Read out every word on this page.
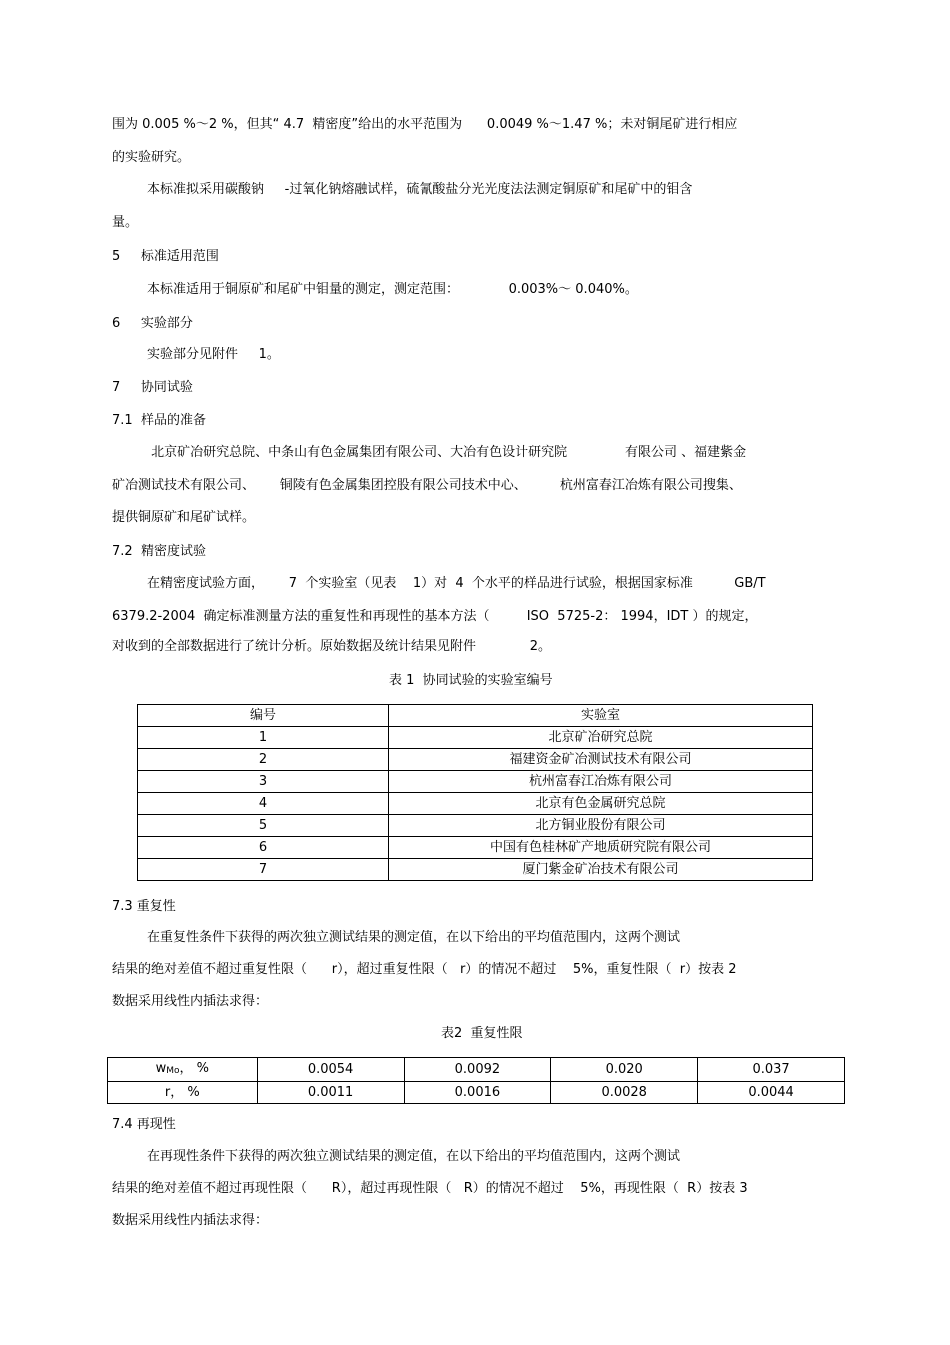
围为 0.005 %～2 %，但其“ 4.7  精密度”给出的水平范围为      0.0049 %～1.47 %；未对铜尾矿进行相应
的实验研究。
本标准拟采用碳酸钠     -过氧化钠熔融试样，硫氰酸盐分光光度法法测定铜原矿和尾矿中的钼含
量。
5     标准适用范围
本标准适用于铜原矿和尾矿中钼量的测定，测定范围：            0.003%～ 0.040%。
6     实验部分
实验部分见附件     1。
7     协同试验
7.1  样品的准备
北京矿冶研究总院、中条山有色金属集团有限公司、大冶有色设计研究院              有限公司 、福建紫金
矿冶测试技术有限公司、      铜陵有色金属集团控股有限公司技术中心、        杭州富春江冶炼有限公司搜集、
提供铜原矿和尾矿试样。
7.2  精密度试验
在精密度试验方面，      7  个实验室（见表    1）对  4  个水平的样品进行试验，根据国家标准          GB/T
6379.2-2004  确定标准测量方法的重复性和再现性的基本方法（         ISO  5725-2： 1994，IDT ）的规定，
对收到的全部数据进行了统计分析。原始数据及统计结果见附件             2。
表 1  协同试验的实验室编号
编号	实验室
1	北京矿冶研究总院
2	福建资金矿冶测试技术有限公司
3	杭州富春江冶炼有限公司
4	北京有色金属研究总院
5	北方铜业股份有限公司
6	中国有色桂林矿产地质研究院有限公司
7	厦门紫金矿冶技术有限公司
7.3 重复性
在重复性条件下获得的两次独立测试结果的测定值，在以下给出的平均值范围内，这两个测试
结果的绝对差值不超过重复性限（      r），超过重复性限（   r）的情况不超过    5%，重复性限（  r）按表 2
数据采用线性内插法求得：
表2  重复性限
$w_{Mo}$， %	0.0054	0.0092	0.020	0.037
r， %	0.0011	0.0016	0.0028	0.0044
7.4 再现性
在再现性条件下获得的两次独立测试结果的测定值，在以下给出的平均值范围内，这两个测试
结果的绝对差值不超过再现性限（      R），超过再现性限（   R）的情况不超过    5%，再现性限（  R）按表 3
数据采用线性内插法求得：
